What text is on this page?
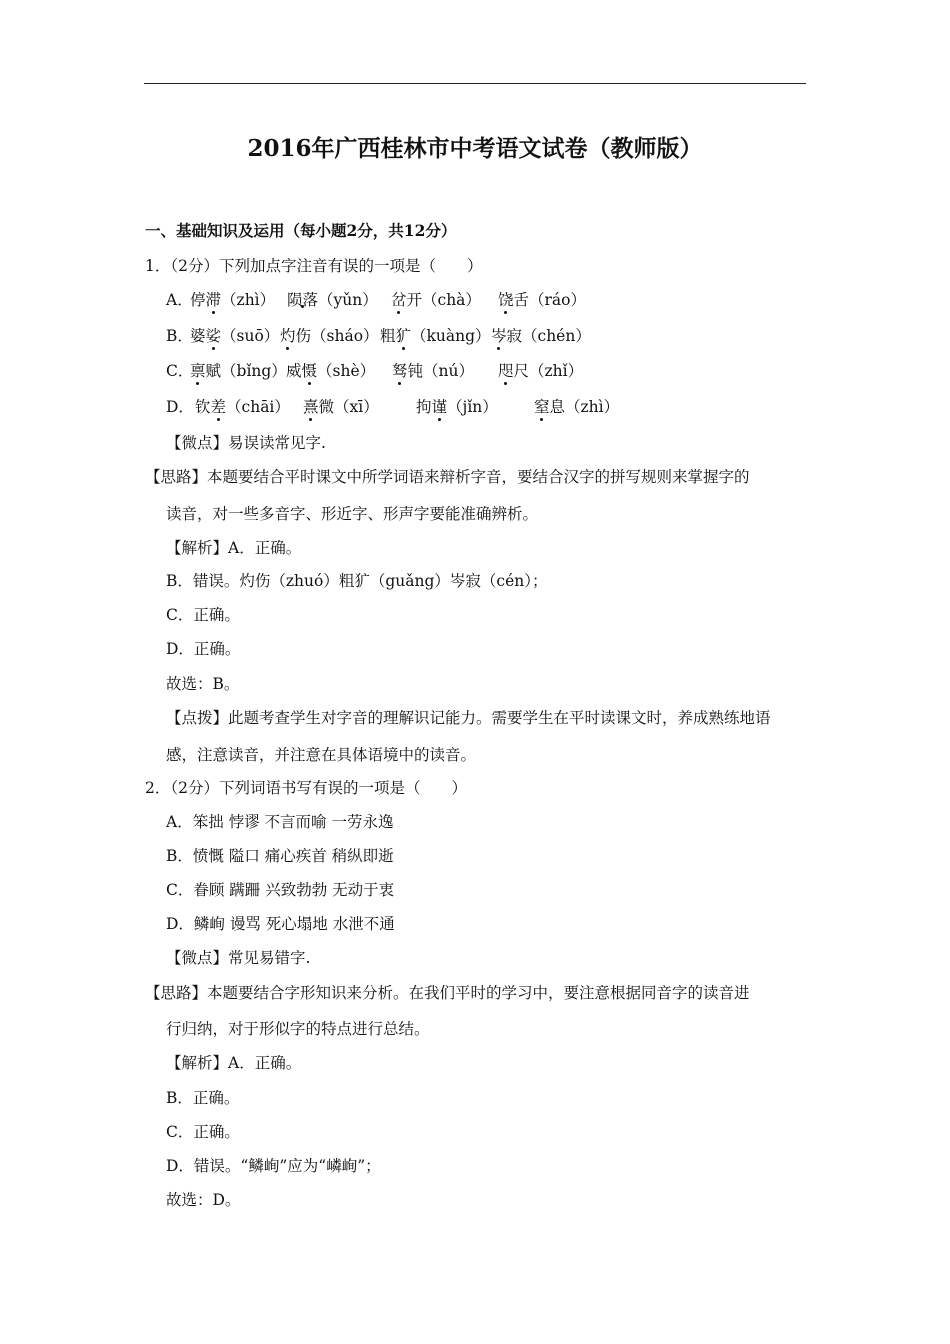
2016年广西桂林市中考语文试卷（教师版）
一、基础知识及运用（每小题2分，共12分）
1．（2分）下列加点字注音有误的一项是（　　）
A．
停滞（zhì） 陨落（yǔn） 岔开（chà） 饶舌（ráo）
B．
婆娑（suō） 灼伤（sháo） 粗犷（kuàng） 岑寂（chén）
C．
禀赋（bǐng） 威慑（shè） 驽钝（nú） 咫尺（zhǐ）
D． 钦差（chāi） 熹微（xī） 拘谨（jǐn） 窒息（zhì）
【微点】易误读常见字.
【思路】本题要结合平时课文中所学词语来辩析字音，要结合汉字的拼写规则来掌握字的
读音，对一些多音字、形近字、形声字要能准确辨析。
【解析】A．正确。
B．错误。灼伤（zhuó）粗犷（guǎng）岑寂（cén）；
C．正确。
D．正确。
故选：B。
【点拨】此题考查学生对字音的理解识记能力。需要学生在平时读课文时，养成熟练地语
感，注意读音，并注意在具体语境中的读音。
2．（2分）下列词语书写有误的一项是（　　）
A．笨拙 悖谬 不言而喻 一劳永逸
B．愤慨 隘口 痛心疾首 稍纵即逝
C．眷顾 蹒跚 兴致勃勃 无动于衷
D．鳞峋 谩骂 死心塌地 水泄不通
【微点】常见易错字.
【思路】本题要结合字形知识来分析。在我们平时的学习中，要注意根据同音字的读音进
行归纳，对于形似字的特点进行总结。
【解析】A．正确。
B．正确。
C．正确。
D．错误。“鳞峋”应为“嶙峋”；
故选：D。
